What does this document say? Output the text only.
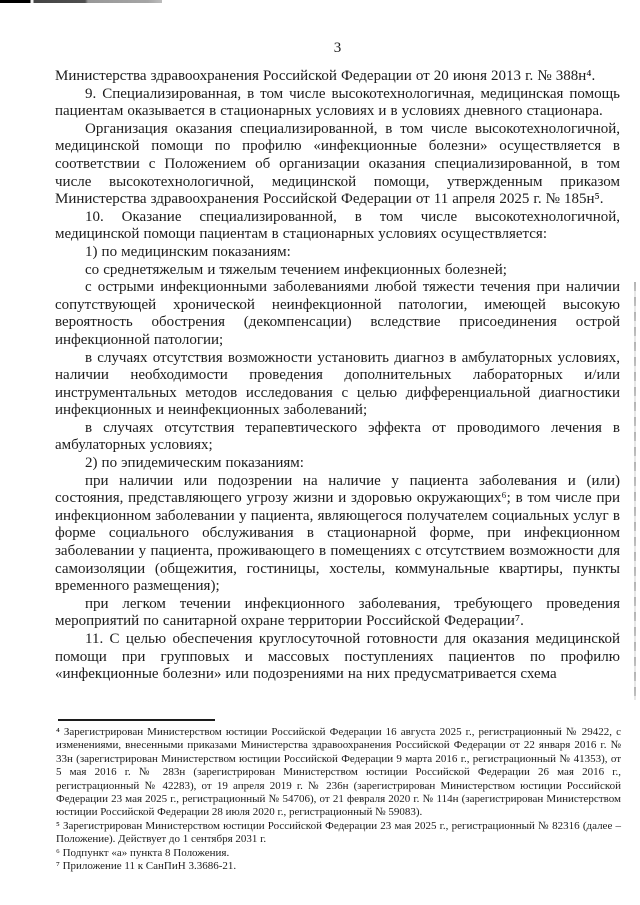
3

Министерства здравоохранения Российской Федерации от 20 июня 2013 г. № 388н⁴.

9. Специализированная, в том числе высокотехнологичная, медицинская помощь пациентам оказывается в стационарных условиях и в условиях дневного стационара.

Организация оказания специализированной, в том числе высокотехнологичной, медицинской помощи по профилю «инфекционные болезни» осуществляется в соответствии с Положением об организации оказания специализированной, в том числе высокотехнологичной, медицинской помощи, утвержденным приказом Министерства здравоохранения Российской Федерации от 11 апреля 2025 г. № 185н⁵.

10. Оказание специализированной, в том числе высокотехнологичной, медицинской помощи пациентам в стационарных условиях осуществляется:

1) по медицинским показаниям:

со среднетяжелым и тяжелым течением инфекционных болезней;

с острыми инфекционными заболеваниями любой тяжести течения при наличии сопутствующей хронической неинфекционной патологии, имеющей высокую вероятность обострения (декомпенсации) вследствие присоединения острой инфекционной патологии;

в случаях отсутствия возможности установить диагноз в амбулаторных условиях, наличии необходимости проведения дополнительных лабораторных и/или инструментальных методов исследования с целью дифференциальной диагностики инфекционных и неинфекционных заболеваний;

в случаях отсутствия терапевтического эффекта от проводимого лечения в амбулаторных условиях;

2) по эпидемическим показаниям:

при наличии или подозрении на наличие у пациента заболевания и (или) состояния, представляющего угрозу жизни и здоровью окружающих⁶; в том числе при инфекционном заболевании у пациента, являющегося получателем социальных услуг в форме социального обслуживания в стационарной форме, при инфекционном заболевании у пациента, проживающего в помещениях с отсутствием возможности для самоизоляции (общежития, гостиницы, хостелы, коммунальные квартиры, пункты временного размещения);

при легком течении инфекционного заболевания, требующего проведения мероприятий по санитарной охране территории Российской Федерации⁷.

11. С целью обеспечения круглосуточной готовности для оказания медицинской помощи при групповых и массовых поступлениях пациентов по профилю «инфекционные болезни» или подозрениями на них предусматривается схема

⁴ Зарегистрирован Министерством юстиции Российской Федерации 16 августа 2025 г., регистрационный № 29422, с изменениями, внесенными приказами Министерства здравоохранения Российской Федерации от 22 января 2016 г. № 33н (зарегистрирован Министерством юстиции Российской Федерации 9 марта 2016 г., регистрационный № 41353), от 5 мая 2016 г. № 283н (зарегистрирован Министерством юстиции Российской Федерации 26 мая 2016 г., регистрационный № 42283), от 19 апреля 2019 г. № 236н (зарегистрирован Министерством юстиции Российской Федерации 23 мая 2025 г., регистрационный № 54706), от 21 февраля 2020 г. № 114н (зарегистрирован Министерством юстиции Российской Федерации 28 июля 2020 г., регистрационный № 59083).

⁵ Зарегистрирован Министерством юстиции Российской Федерации 23 мая 2025 г., регистрационный № 82316 (далее – Положение). Действует до 1 сентября 2031 г.

⁶ Подпункт «а» пункта 8 Положения.

⁷ Приложение 11 к СанПиН 3.3686-21.
